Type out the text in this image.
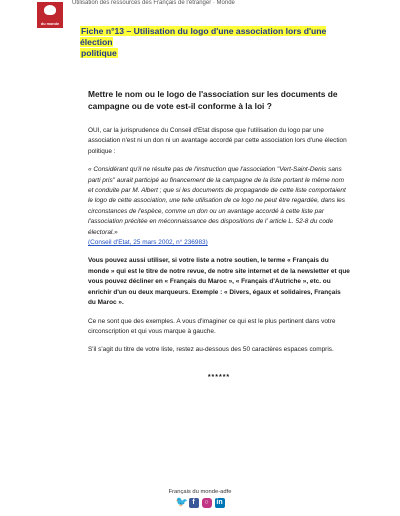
du monde
Utilisation des ressources des Français de l'étranger · Monde
Fiche n°13 – Utilisation du logo d'une association lors d'une élection
politique
Mettre le nom ou le logo de l'association sur les documents de campagne ou de vote est-il conforme à la loi ?
OUI, car la jurisprudence du Conseil d'Etat dispose que l'utilisation du logo par une association n'est ni un don ni un avantage accordé par cette association lors d'une élection politique :
« Considérant qu'il ne résulte pas de l'instruction que l'association "Vert-Saint-Denis sans parti pris" aurait participé au financement de la campagne de la liste portant le même nom et conduite par M. Albert ; que si les documents de propagande de cette liste comportaient le logo de cette association, une telle utilisation de ce logo ne peut être regardée, dans les circonstances de l'espèce, comme un don ou un avantage accordé à cette liste par l'association précitée en méconnaissance des dispositions de l' article L. 52-8 du code électoral.»
(Conseil d'Etat, 25 mars 2002, n° 236983)
Vous pouvez aussi utiliser, si votre liste a notre soutien, le terme « Français du monde » qui est le titre de notre revue, de notre site internet et de la newsletter et que vous pouvez décliner en « Français du Maroc », « Français d'Autriche », etc. ou enrichir d'un ou deux marqueurs. Exemple : « Divers, égaux et solidaires, Français du Maroc ».
Ce ne sont que des exemples. A vous d'imaginer ce qui est le plus pertinent dans votre circonscription et qui vous marque à gauche.
S'il s'agit du titre de votre liste, restez au-dessous des 50 caractères espaces compris.
******
Français du monde-adfe
🐦 f	○	in
